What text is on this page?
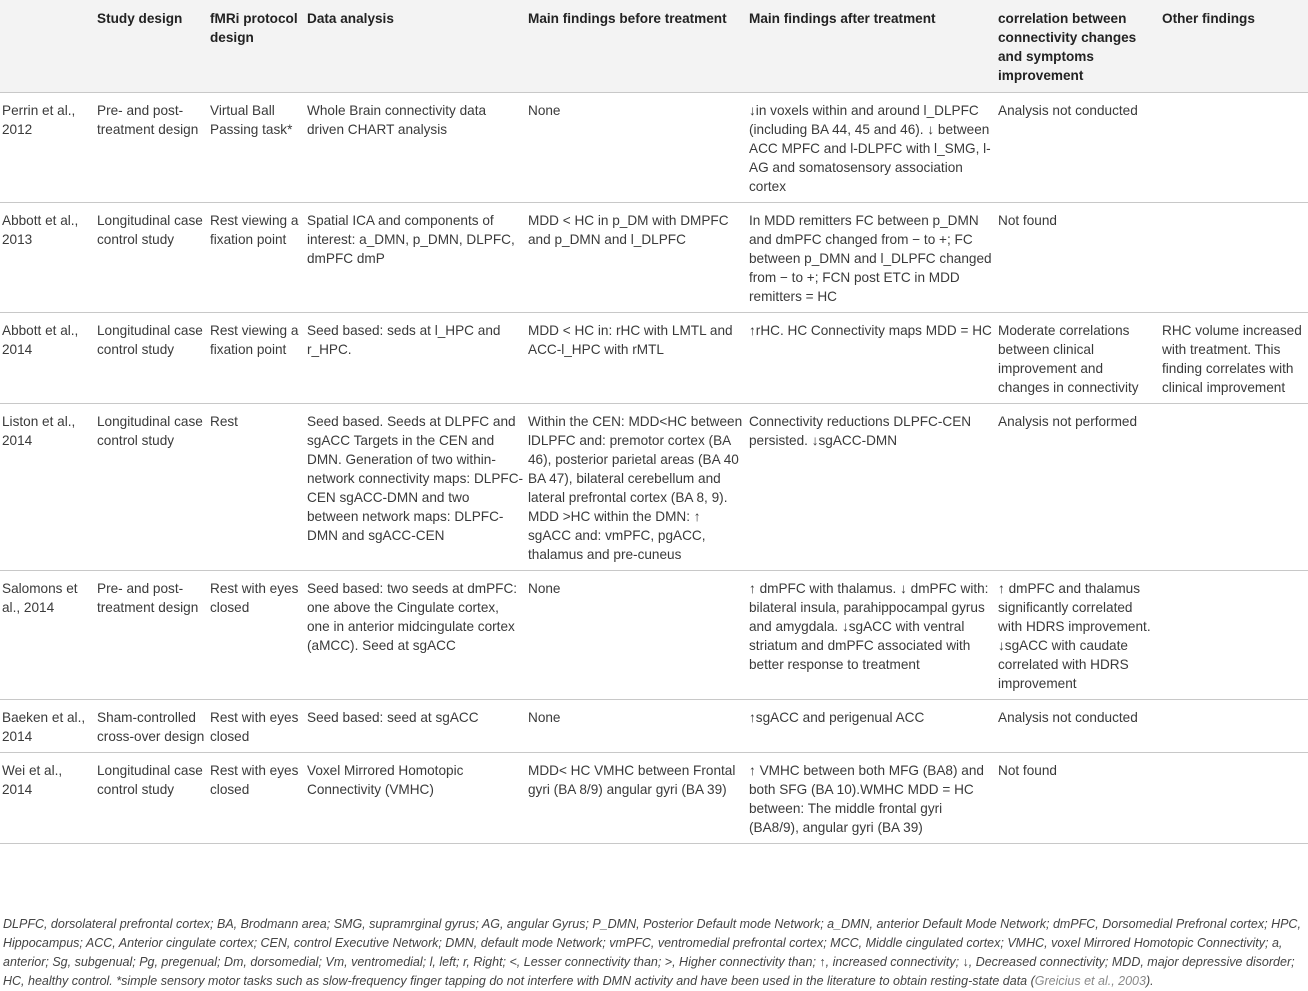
	Study design	fMRi protocol design	Data analysis	Main findings before treatment	Main findings after treatment	correlation between connectivity changes and symptoms improvement	Other findings
Perrin et al., 2012	Pre- and post-treatment design	Virtual Ball Passing task*	Whole Brain connectivity data driven CHART analysis	None	↓in voxels within and around l_DLPFC (including BA 44, 45 and 46). ↓ between ACC MPFC and l-DLPFC with l_SMG, l-AG and somatosensory association cortex	Analysis not conducted	
Abbott et al., 2013	Longitudinal case control study	Rest viewing a fixation point	Spatial ICA and components of interest: a_DMN, p_DMN, DLPFC, dmPFC dmP	MDD < HC in p_DM with DMPFC and p_DMN and l_DLPFC	In MDD remitters FC between p_DMN and dmPFC changed from − to +; FC between p_DMN and l_DLPFC changed from − to +; FCN post ETC in MDD remitters = HC	Not found	
Abbott et al., 2014	Longitudinal case control study	Rest viewing a fixation point	Seed based: seds at l_HPC and r_HPC.	MDD < HC in: rHC with LMTL and ACC-l_HPC with rMTL	↑rHC. HC Connectivity maps MDD = HC	Moderate correlations between clinical improvement and changes in connectivity	RHC volume increased with treatment. This finding correlates with clinical improvement
Liston et al., 2014	Longitudinal case control study	Rest	Seed based. Seeds at DLPFC and sgACC Targets in the CEN and DMN. Generation of two within-network connectivity maps: DLPFC-CEN sgACC-DMN and two between network maps: DLPFC-DMN and sgACC-CEN	Within the CEN: MDD<HC between lDLPFC and: premotor cortex (BA 46), posterior parietal areas (BA 40 BA 47), bilateral cerebellum and lateral prefrontal cortex (BA 8, 9). MDD >HC within the DMN: ↑ sgACC and: vmPFC, pgACC, thalamus and pre-cuneus	Connectivity reductions DLPFC-CEN persisted. ↓sgACC-DMN	Analysis not performed	
Salomons et al., 2014	Pre- and post-treatment design	Rest with eyes closed	Seed based: two seeds at dmPFC: one above the Cingulate cortex, one in anterior midcingulate cortex (aMCC). Seed at sgACC	None	↑ dmPFC with thalamus. ↓ dmPFC with: bilateral insula, parahippocampal gyrus and amygdala. ↓sgACC with ventral striatum and dmPFC associated with better response to treatment	↑ dmPFC and thalamus significantly correlated with HDRS improvement. ↓sgACC with caudate correlated with HDRS improvement	
Baeken et al., 2014	Sham-controlled cross-over design	Rest with eyes closed	Seed based: seed at sgACC	None	↑sgACC and perigenual ACC	Analysis not conducted	
Wei et al., 2014	Longitudinal case control study	Rest with eyes closed	Voxel Mirrored Homotopic Connectivity (VMHC)	MDD< HC VMHC between Frontal gyri (BA 8/9) angular gyri (BA 39)	↑ VMHC between both MFG (BA8) and both SFG (BA 10).WMHC MDD = HC between: The middle frontal gyri (BA8/9), angular gyri (BA 39)	Not found	
DLPFC, dorsolateral prefrontal cortex; BA, Brodmann area; SMG, supramrginal gyrus; AG, angular Gyrus; P_DMN, Posterior Default mode Network; a_DMN, anterior Default Mode Network; dmPFC, Dorsomedial Prefronal cortex; HPC, Hippocampus; ACC, Anterior cingulate cortex; CEN, control Executive Network; DMN, default mode Network; vmPFC, ventromedial prefrontal cortex; MCC, Middle cingulated cortex; VMHC, voxel Mirrored Homotopic Connectivity; a, anterior; Sg, subgenual; Pg, pregenual; Dm, dorsomedial; Vm, ventromedial; l, left; r, Right; <, Lesser connectivity than; >, Higher connectivity than; ↑, increased connectivity; ↓, Decreased connectivity; MDD, major depressive disorder; HC, healthy control. *simple sensory motor tasks such as slow-frequency finger tapping do not interfere with DMN activity and have been used in the literature to obtain resting-state data (Greicius et al., 2003).
